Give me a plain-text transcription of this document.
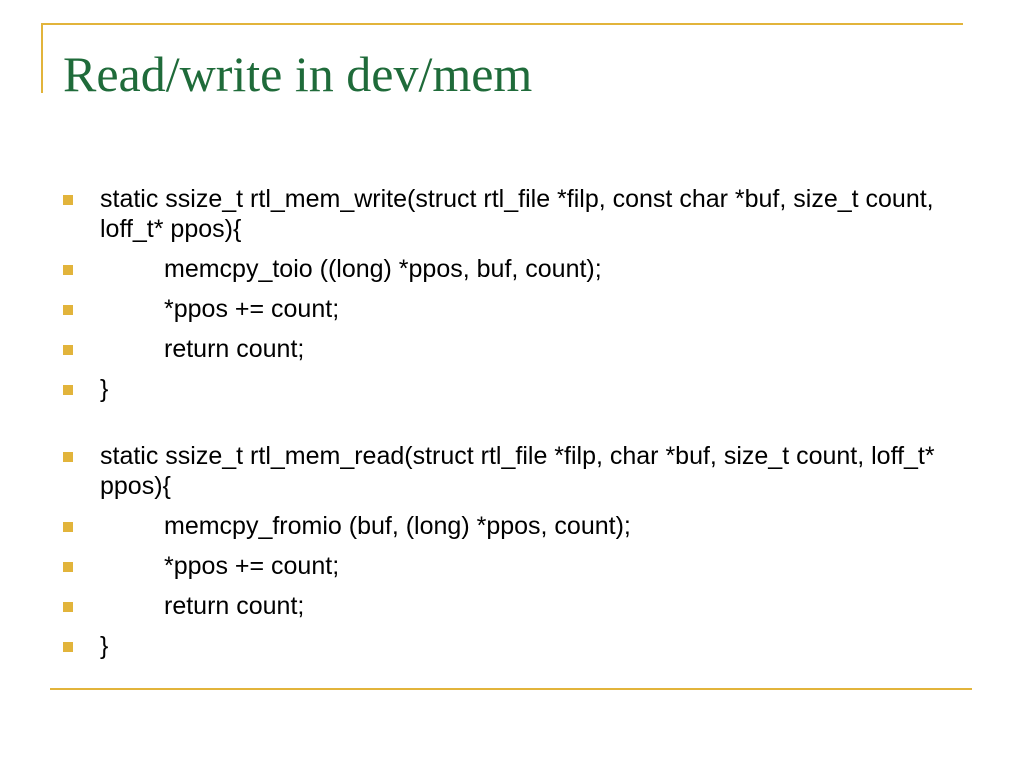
Read/write in dev/mem
static ssize_t rtl_mem_write(struct rtl_file *filp, const char *buf, size_t count, loff_t* ppos){
memcpy_toio ((long) *ppos, buf, count);
*ppos += count;
return count;
}
static ssize_t rtl_mem_read(struct rtl_file *filp, char *buf, size_t count, loff_t* ppos){
memcpy_fromio (buf, (long) *ppos, count);
*ppos += count;
return count;
}
